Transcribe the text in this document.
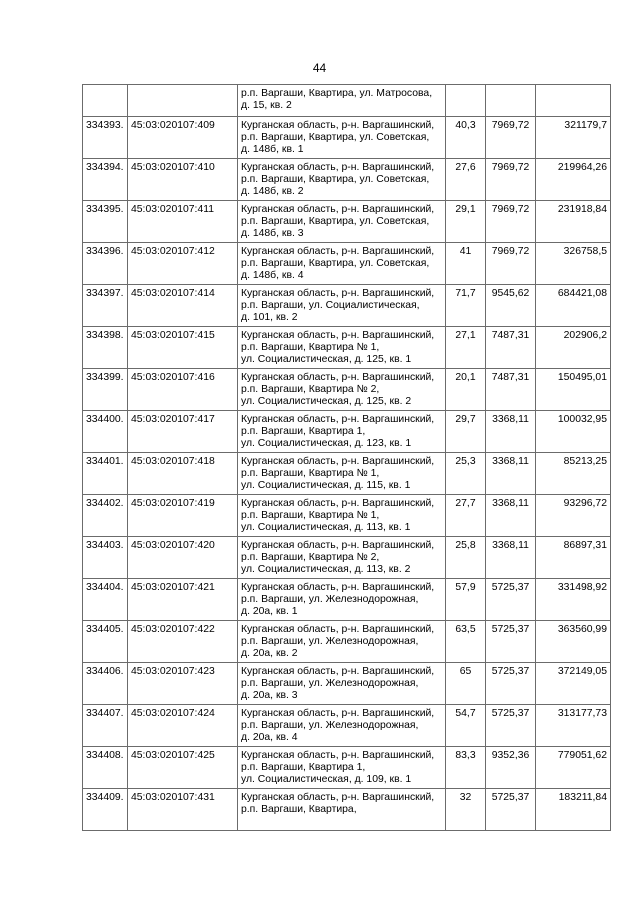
44

		р.п. Варгаши, Квартира, ул. Матросова,
д. 15, кв. 2			

334393.	45:03:020107:409	Курганская область, р-н. Варгашинский,
р.п. Варгаши, Квартира, ул. Советская,
д. 148б, кв. 1	40,3	7969,72	321179,7
334394.	45:03:020107:410	Курганская область, р-н. Варгашинский,
р.п. Варгаши, Квартира, ул. Советская,
д. 148б, кв. 2	27,6	7969,72	219964,26
334395.	45:03:020107:411	Курганская область, р-н. Варгашинский,
р.п. Варгаши, Квартира, ул. Советская,
д. 148б, кв. 3	29,1	7969,72	231918,84
334396.	45:03:020107:412	Курганская область, р-н. Варгашинский,
р.п. Варгаши, Квартира, ул. Советская,
д. 148б, кв. 4	41	7969,72	326758,5
334397.	45:03:020107:414	Курганская область, р-н. Варгашинский,
р.п. Варгаши, ул. Социалистическая,
д. 101, кв. 2	71,7	9545,62	684421,08
334398.	45:03:020107:415	Курганская область, р-н. Варгашинский,
р.п. Варгаши, Квартира № 1,
ул. Социалистическая, д. 125, кв. 1	27,1	7487,31	202906,2
334399.	45:03:020107:416	Курганская область, р-н. Варгашинский,
р.п. Варгаши, Квартира № 2,
ул. Социалистическая, д. 125, кв. 2	20,1	7487,31	150495,01
334400.	45:03:020107:417	Курганская область, р-н. Варгашинский,
р.п. Варгаши, Квартира 1,
ул. Социалистическая, д. 123, кв. 1	29,7	3368,11	100032,95
334401.	45:03:020107:418	Курганская область, р-н. Варгашинский,
р.п. Варгаши, Квартира № 1,
ул. Социалистическая, д. 115, кв. 1	25,3	3368,11	85213,25
334402.	45:03:020107:419	Курганская область, р-н. Варгашинский,
р.п. Варгаши, Квартира № 1,
ул. Социалистическая, д. 113, кв. 1	27,7	3368,11	93296,72
334403.	45:03:020107:420	Курганская область, р-н. Варгашинский,
р.п. Варгаши, Квартира № 2,
ул. Социалистическая, д. 113, кв. 2	25,8	3368,11	86897,31
334404.	45:03:020107:421	Курганская область, р-н. Варгашинский,
р.п. Варгаши, ул. Железнодорожная,
д. 20а, кв. 1	57,9	5725,37	331498,92
334405.	45:03:020107:422	Курганская область, р-н. Варгашинский,
р.п. Варгаши, ул. Железнодорожная,
д. 20а, кв. 2	63,5	5725,37	363560,99
334406.	45:03:020107:423	Курганская область, р-н. Варгашинский,
р.п. Варгаши, ул. Железнодорожная,
д. 20а, кв. 3	65	5725,37	372149,05
334407.	45:03:020107:424	Курганская область, р-н. Варгашинский,
р.п. Варгаши, ул. Железнодорожная,
д. 20а, кв. 4	54,7	5725,37	313177,73
334408.	45:03:020107:425	Курганская область, р-н. Варгашинский,
р.п. Варгаши, Квартира 1,
ул. Социалистическая, д. 109, кв. 1	83,3	9352,36	779051,62
334409.	45:03:020107:431	Курганская область, р-н. Варгашинский,
р.п. Варгаши, Квартира,	32	5725,37	183211,84
